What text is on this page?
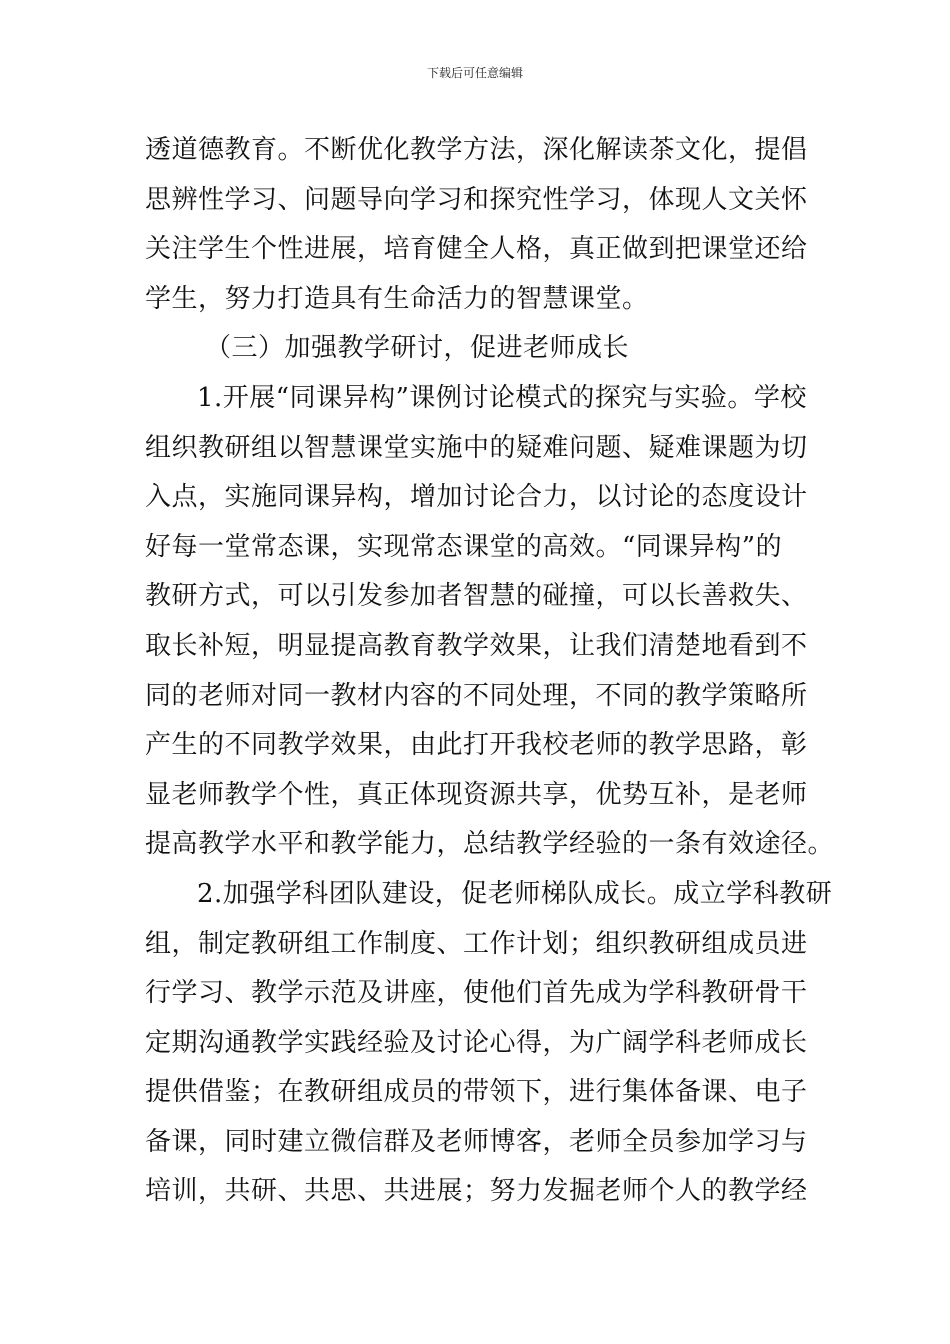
下载后可任意编辑
透道德教育。不断优化教学方法，深化解读茶文化，提倡
思辨性学习、问题导向学习和探究性学习，体现人文关怀
关注学生个性进展，培育健全人格，真正做到把课堂还给
学生，努力打造具有生命活力的智慧课堂。
（三）加强教学研讨，促进老师成长
1.开展“同课异构”课例讨论模式的探究与实验。学校
组织教研组以智慧课堂实施中的疑难问题、疑难课题为切
入点，实施同课异构，增加讨论合力，以讨论的态度设计
好每一堂常态课，实现常态课堂的高效。“同课异构”的
教研方式，可以引发参加者智慧的碰撞，可以长善救失、
取长补短，明显提高教育教学效果，让我们清楚地看到不
同的老师对同一教材内容的不同处理，不同的教学策略所
产生的不同教学效果，由此打开我校老师的教学思路，彰
显老师教学个性，真正体现资源共享，优势互补，是老师
提高教学水平和教学能力，总结教学经验的一条有效途径。
2.加强学科团队建设，促老师梯队成长。成立学科教研
组，制定教研组工作制度、工作计划；组织教研组成员进
行学习、教学示范及讲座，使他们首先成为学科教研骨干
定期沟通教学实践经验及讨论心得，为广阔学科老师成长
提供借鉴；在教研组成员的带领下，进行集体备课、电子
备课，同时建立微信群及老师博客，老师全员参加学习与
培训，共研、共思、共进展；努力发掘老师个人的教学经
